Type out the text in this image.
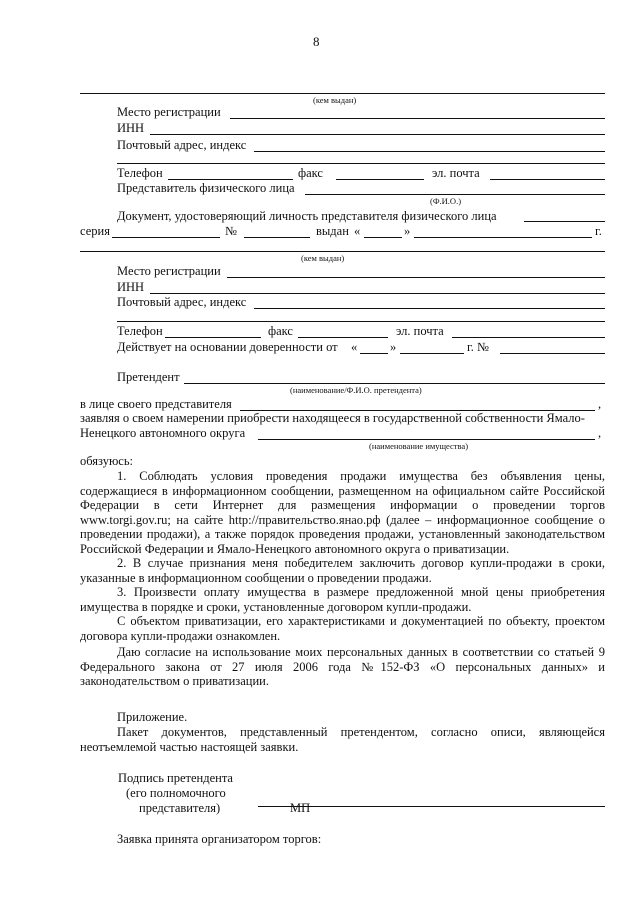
8
(кем выдан)
Место регистрации
ИНН
Почтовый адрес, индекс
Телефон	факс	эл. почта
Представитель физического лица
(Ф.И.О.)
Документ, удостоверяющий личность представителя физического лица
серия	№	выдан «	»	г.
(кем выдан)
Место регистрации
ИНН
Почтовый адрес, индекс
Телефон	факс	эл. почта
Действует на основании доверенности от «	»	г. №
Претендент
(наименование/Ф.И.О. претендента)
в лице своего представителя	,
заявляя о своем намерении приобрести находящееся в государственной собственности Ямало-
Ненецкого автономного округа	,
(наименование имущества)
обязуюсь:
1. Соблюдать условия проведения продажи имущества без объявления цены,
содержащиеся в информационном сообщении, размещенном на официальном сайте Российской
Федерации в сети Интернет для размещения информации о проведении торгов
www.torgi.gov.ru; на сайте http://правительство.янао.рф (далее – информационное сообщение о
проведении продажи), а также порядок проведения продажи, установленный законодательством
Российской Федерации и Ямало-Ненецкого автономного округа о приватизации.
2. В случае признания меня победителем заключить договор купли-продажи в сроки,
указанные в информационном сообщении о проведении продажи.
3. Произвести оплату имущества в размере предложенной мной цены приобретения
имущества в порядке и сроки, установленные договором купли-продажи.
С объектом приватизации, его характеристиками и документацией по объекту, проектом
договора купли-продажи ознакомлен.
Даю согласие на использование моих персональных данных в соответствии со статьей 9
Федерального закона от 27 июля 2006 года №152-ФЗ «О персональных данных» и
законодательством о приватизации.
Приложение.
Пакет документов, представленный претендентом, согласно описи, являющейся
неотъемлемой частью настоящей заявки.
Подпись претендента
(его полномочного
представителя)	МП
Заявка принята организатором торгов:
